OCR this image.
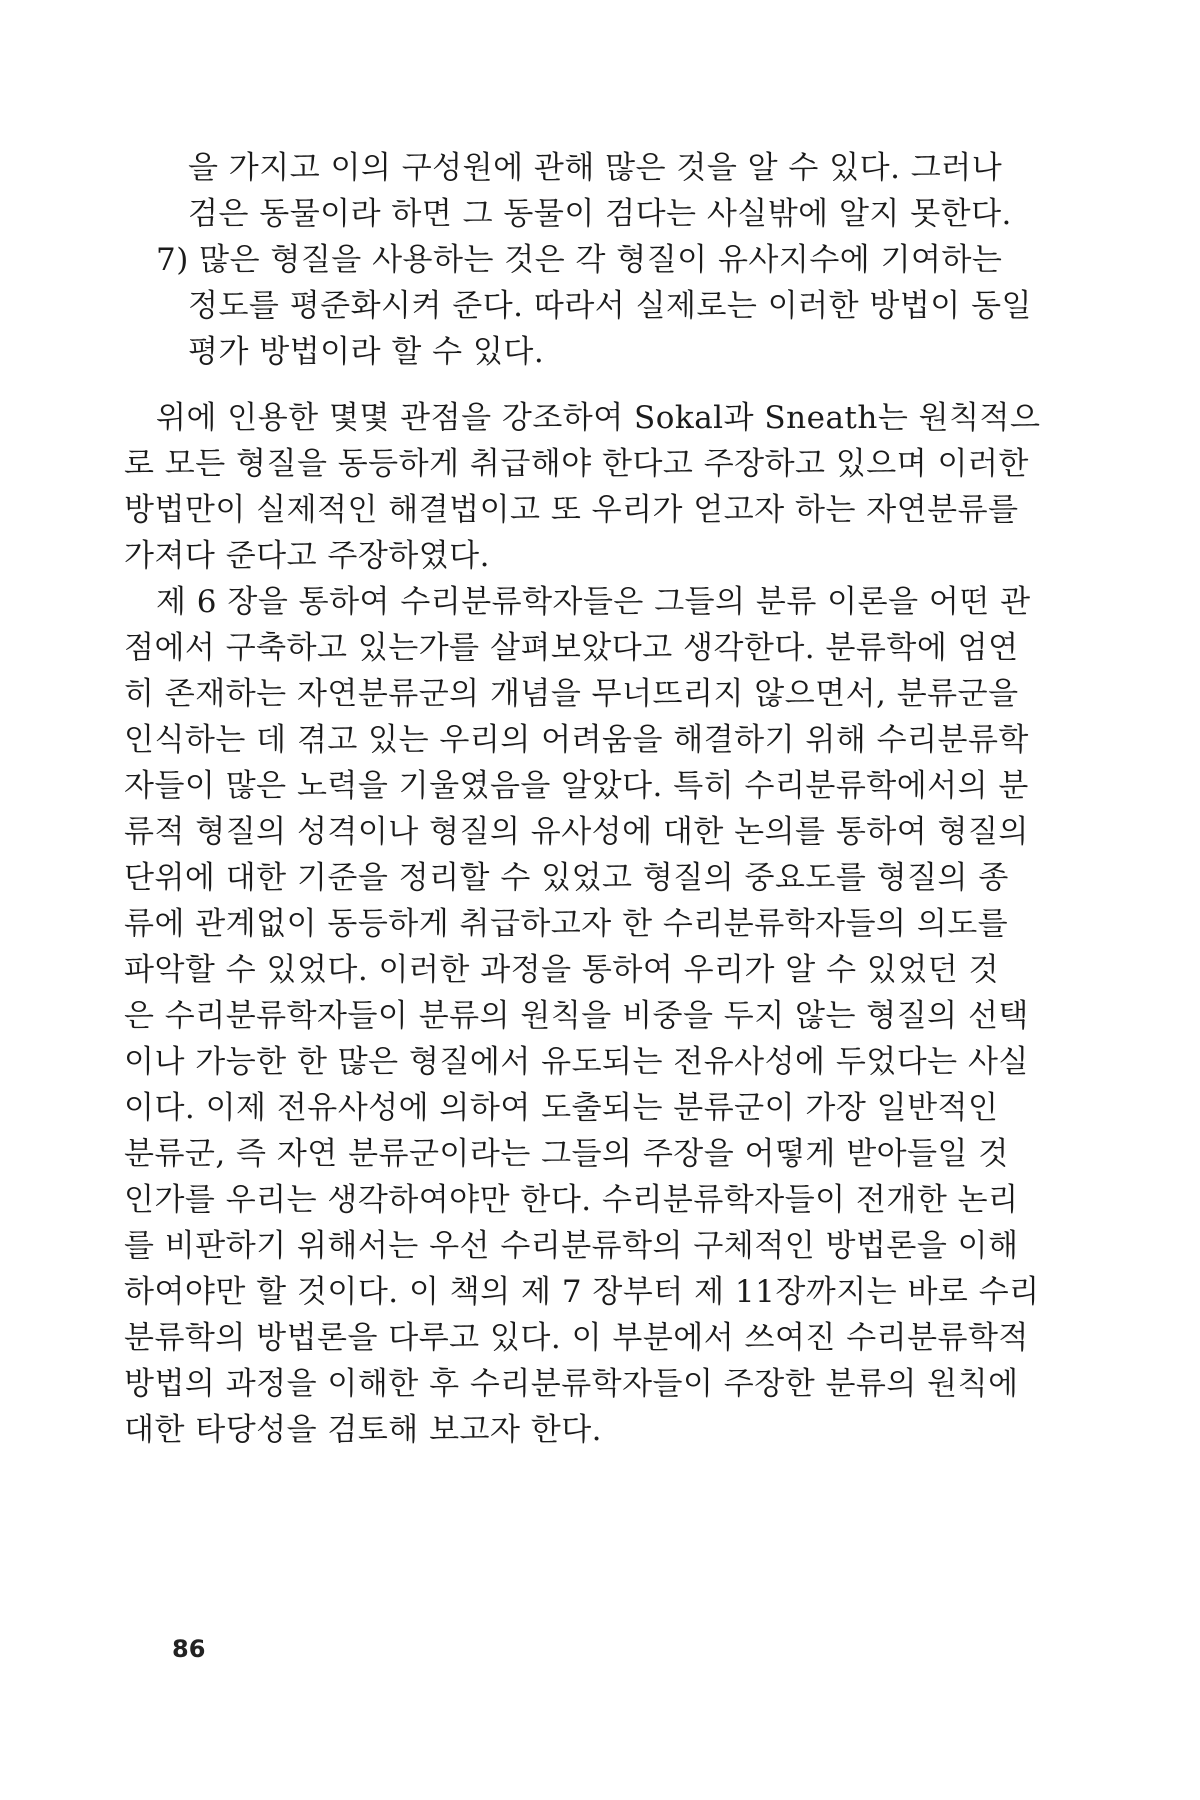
을 가지고 이의 구성원에 관해 많은 것을 알 수 있다. 그러나
검은 동물이라 하면 그 동물이 검다는 사실밖에 알지 못한다.
7) 많은 형질을 사용하는 것은 각 형질이 유사지수에 기여하는
정도를 평준화시켜 준다. 따라서 실제로는 이러한 방법이 동일
평가 방법이라 할 수 있다.
위에 인용한 몇몇 관점을 강조하여 Sokal과 Sneath는 원칙적으
로 모든 형질을 동등하게 취급해야 한다고 주장하고 있으며 이러한
방법만이 실제적인 해결법이고 또 우리가 얻고자 하는 자연분류를
가져다 준다고 주장하였다.
제 6 장을 통하여 수리분류학자들은 그들의 분류 이론을 어떤 관
점에서 구축하고 있는가를 살펴보았다고 생각한다. 분류학에 엄연
히 존재하는 자연분류군의 개념을 무너뜨리지 않으면서, 분류군을
인식하는 데 겪고 있는 우리의 어려움을 해결하기 위해 수리분류학
자들이 많은 노력을 기울였음을 알았다. 특히 수리분류학에서의 분
류적 형질의 성격이나 형질의 유사성에 대한 논의를 통하여 형질의
단위에 대한 기준을 정리할 수 있었고 형질의 중요도를 형질의 종
류에 관계없이 동등하게 취급하고자 한 수리분류학자들의 의도를
파악할 수 있었다. 이러한 과정을 통하여 우리가 알 수 있었던 것
은 수리분류학자들이 분류의 원칙을 비중을 두지 않는 형질의 선택
이나 가능한 한 많은 형질에서 유도되는 전유사성에 두었다는 사실
이다. 이제 전유사성에 의하여 도출되는 분류군이 가장 일반적인
분류군, 즉 자연 분류군이라는 그들의 주장을 어떻게 받아들일 것
인가를 우리는 생각하여야만 한다. 수리분류학자들이 전개한 논리
를 비판하기 위해서는 우선 수리분류학의 구체적인 방법론을 이해
하여야만 할 것이다. 이 책의 제 7 장부터 제 11장까지는 바로 수리
분류학의 방법론을 다루고 있다. 이 부분에서 쓰여진 수리분류학적
방법의 과정을 이해한 후 수리분류학자들이 주장한 분류의 원칙에
대한 타당성을 검토해 보고자 한다.
86
